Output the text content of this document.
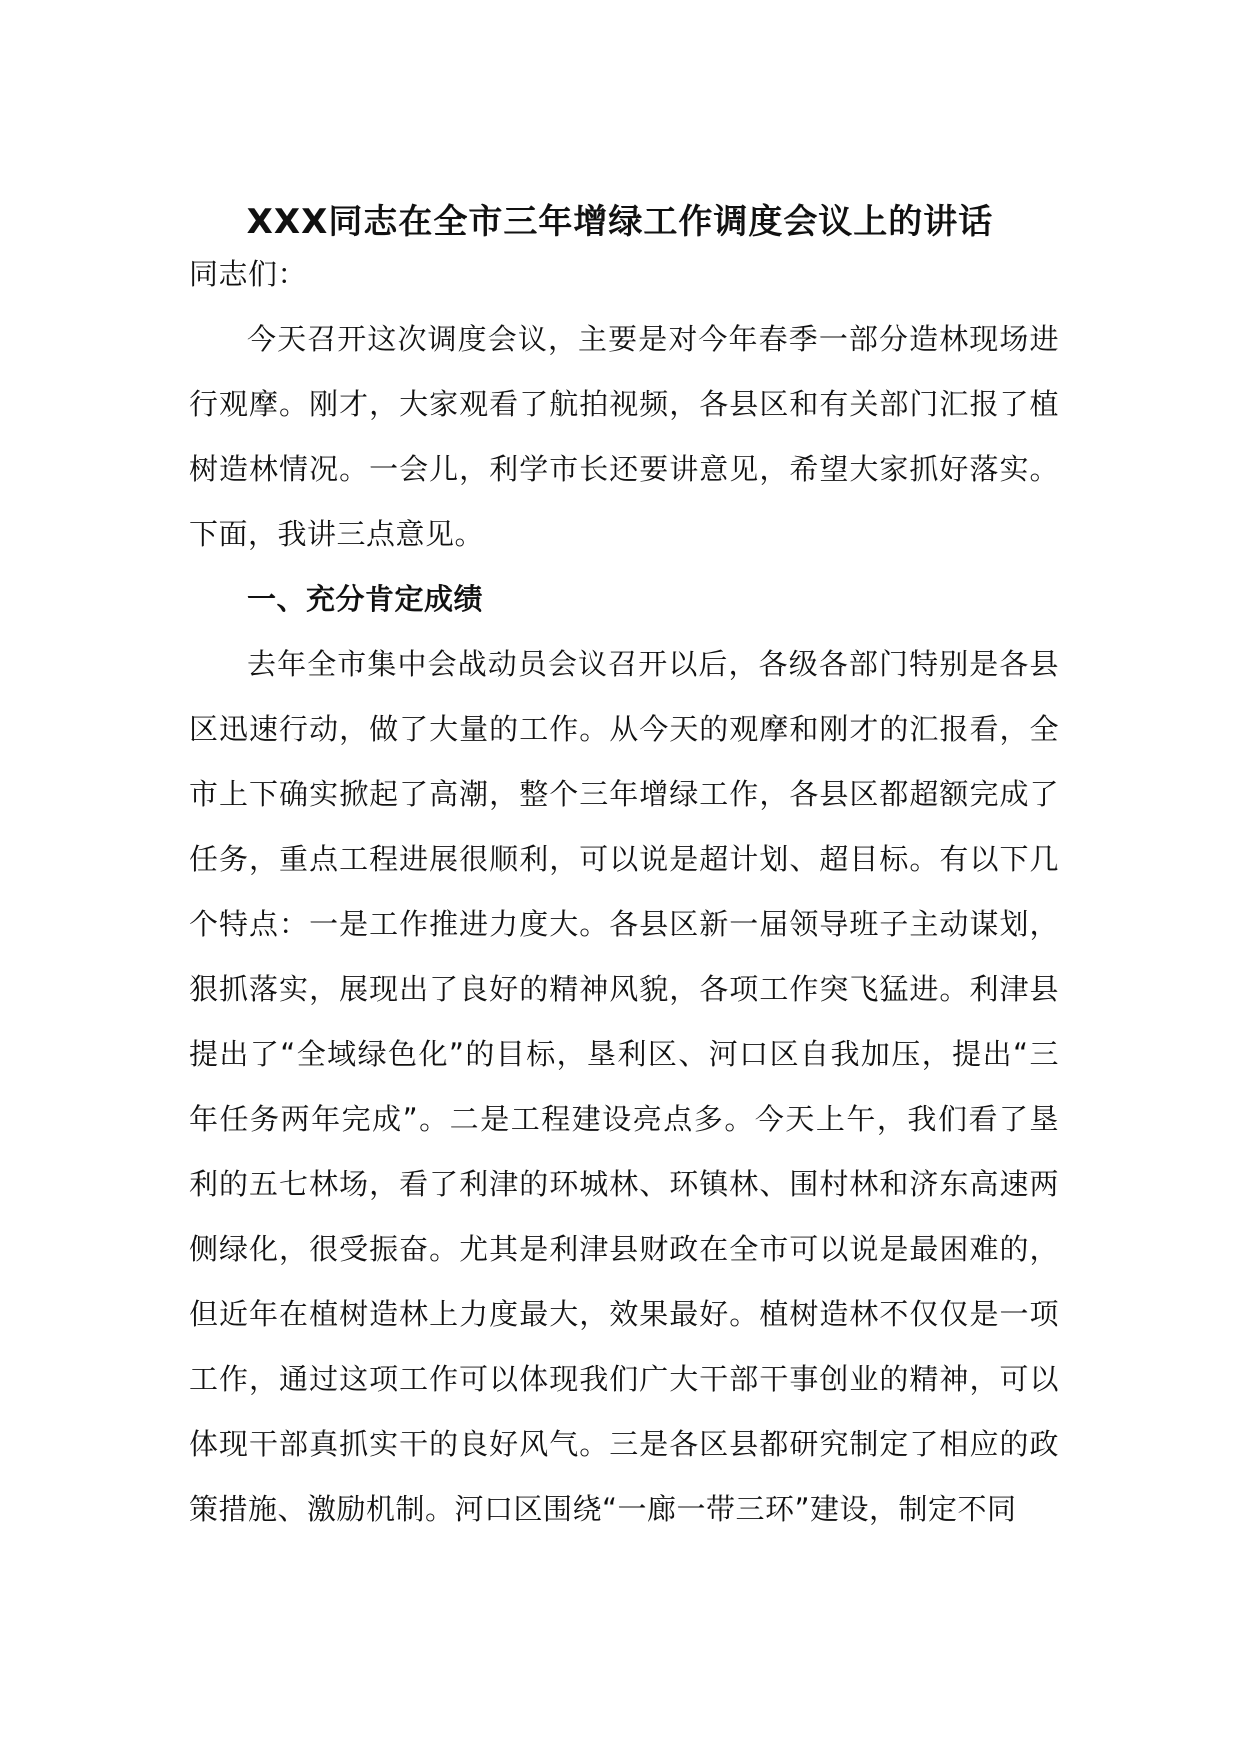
XXX同志在全市三年增绿工作调度会议上的讲话

同志们：

今天召开这次调度会议，主要是对今年春季一部分造林现场进行观摩。刚才，大家观看了航拍视频，各县区和有关部门汇报了植树造林情况。一会儿，利学市长还要讲意见，希望大家抓好落实。下面，我讲三点意见。

一、充分肯定成绩

去年全市集中会战动员会议召开以后，各级各部门特别是各县区迅速行动，做了大量的工作。从今天的观摩和刚才的汇报看，全市上下确实掀起了高潮，整个三年增绿工作，各县区都超额完成了任务，重点工程进展很顺利，可以说是超计划、超目标。有以下几个特点：一是工作推进力度大。各县区新一届领导班子主动谋划，狠抓落实，展现出了良好的精神风貌，各项工作突飞猛进。利津县提出了“全域绿色化”的目标，垦利区、河口区自我加压，提出“三年任务两年完成”。二是工程建设亮点多。今天上午，我们看了垦利的五七林场，看了利津的环城林、环镇林、围村林和济东高速两侧绿化，很受振奋。尤其是利津县财政在全市可以说是最困难的，但近年在植树造林上力度最大，效果最好。植树造林不仅仅是一项工作，通过这项工作可以体现我们广大干部干事创业的精神，可以体现干部真抓实干的良好风气。三是各区县都研究制定了相应的政策措施、激励机制。河口区围绕“一廊一带三环”建设，制定不同
